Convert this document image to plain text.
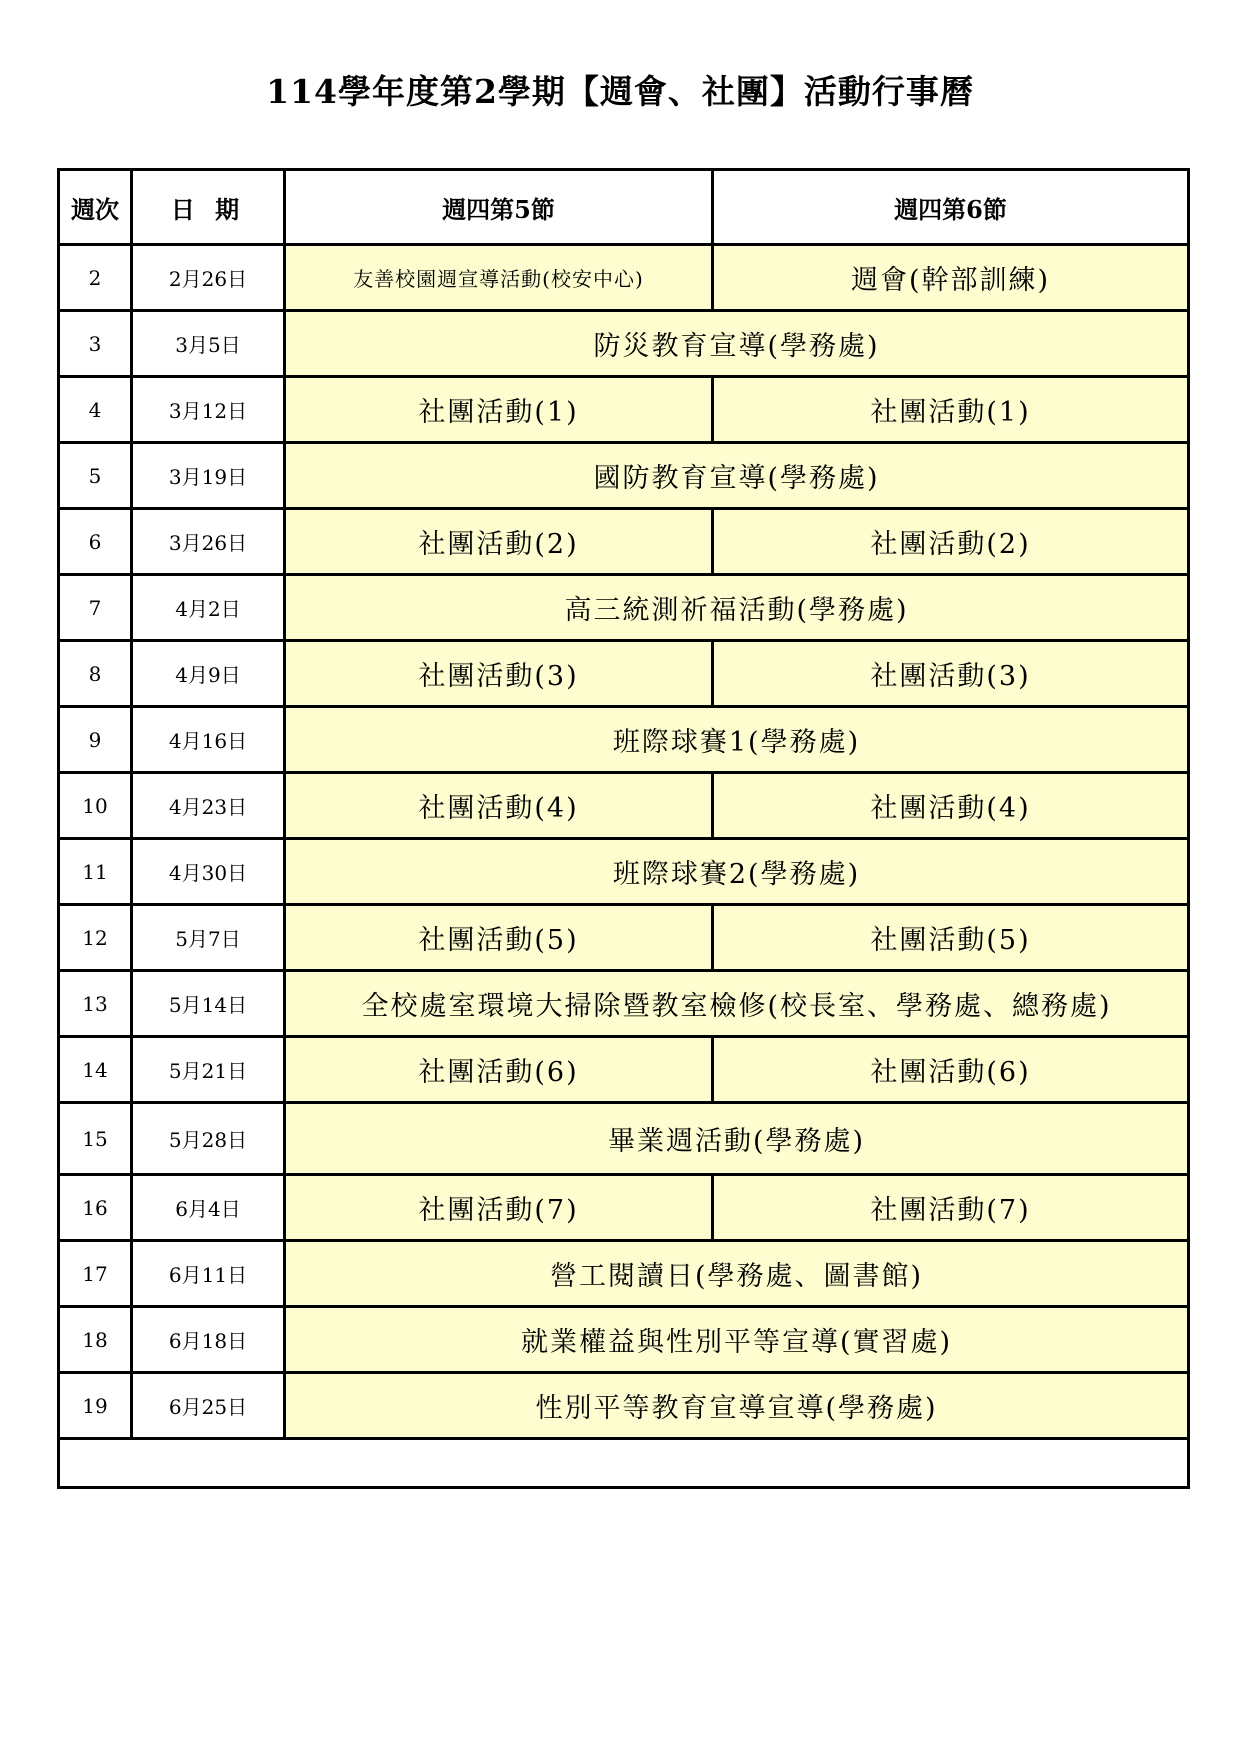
114學年度第2學期【週會、社團】活動行事曆
週次	日 期	週四第5節	週四第6節
2	2月26日	友善校園週宣導活動(校安中心)	週會(幹部訓練)
3	3月5日	防災教育宣導(學務處)	
4	3月12日	社團活動(1)	社團活動(1)
5	3月19日	國防教育宣導(學務處)	
6	3月26日	社團活動(2)	社團活動(2)
7	4月2日	高三統測祈福活動(學務處)	
8	4月9日	社團活動(3)	社團活動(3)
9	4月16日	班際球賽1(學務處)	
10	4月23日	社團活動(4)	社團活動(4)
11	4月30日	班際球賽2(學務處)	
12	5月7日	社團活動(5)	社團活動(5)
13	5月14日	全校處室環境大掃除暨教室檢修(校長室、學務處、總務處)	
14	5月21日	社團活動(6)	社團活動(6)
15	5月28日	畢業週活動(學務處)	
16	6月4日	社團活動(7)	社團活動(7)
17	6月11日	營工閱讀日(學務處、圖書館)	
18	6月18日	就業權益與性別平等宣導(實習處)	
19	6月25日	性別平等教育宣導宣導(學務處)	
